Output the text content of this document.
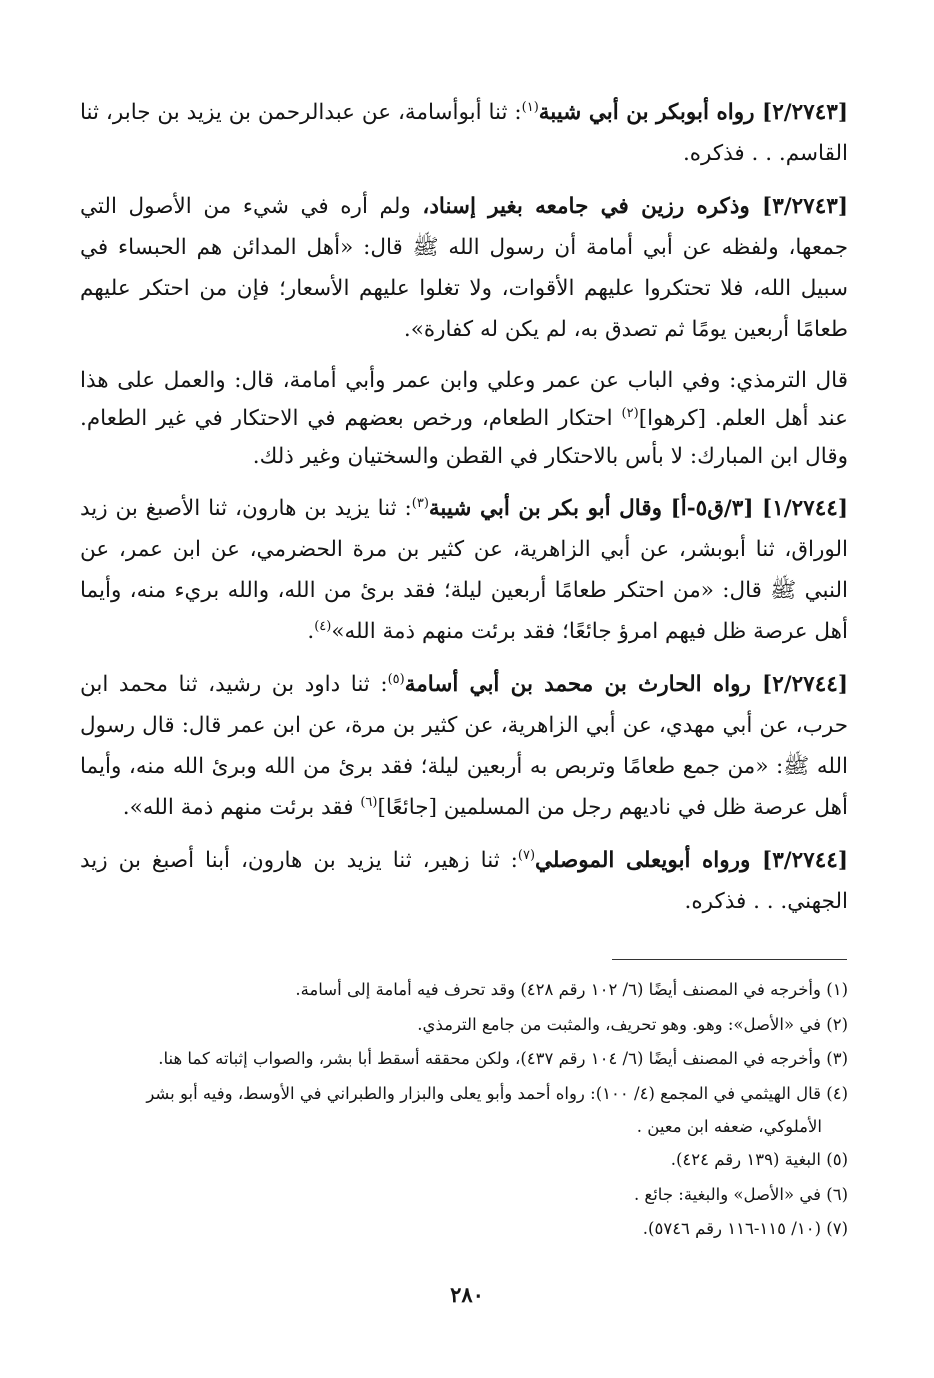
[٢/٢٧٤٣] رواه أبوبكر بن أبي شيبة$^{(١)}$: ثنا أبوأسامة، عن عبدالرحمن بن يزيد بن جابر، ثنا القاسم. . . فذكره.

[٣/٢٧٤٣] وذكره رزين في جامعه بغير إسناد، ولم أره في شيء من الأصول التي جمعها، ولفظه عن أبي أمامة أن رسول الله ﷺ قال: «أهل المدائن هم الحبساء في سبيل الله، فلا تحتكروا عليهم الأقوات، ولا تغلوا عليهم الأسعار؛ فإن من احتكر عليهم طعامًا أربعين يومًا ثم تصدق به، لم يكن له كفارة».

قال الترمذي: وفي الباب عن عمر وعلي وابن عمر وأبي أمامة، قال: والعمل على هذا عند أهل العلم. [كرهوا]$^{(٢)}$ احتكار الطعام، ورخص بعضهم في الاحتكار في غير الطعام. وقال ابن المبارك: لا بأس بالاحتكار في القطن والسختيان وغير ذلك.

[١/٢٧٤٤] [٣/ق٥-أ] وقال أبو بكر بن أبي شيبة$^{(٣)}$: ثنا يزيد بن هارون، ثنا الأصبغ بن زيد الوراق، ثنا أبوبشر، عن أبي الزاهرية، عن كثير بن مرة الحضرمي، عن ابن عمر، عن النبي ﷺ قال: «من احتكر طعامًا أربعين ليلة؛ فقد برئ من الله، والله بريء منه، وأيما أهل عرصة ظل فيهم امرؤ جائعًا؛ فقد برئت منهم ذمة الله»$^{(٤)}$.

[٢/٢٧٤٤] رواه الحارث بن محمد بن أبي أسامة$^{(٥)}$: ثنا داود بن رشيد، ثنا محمد ابن حرب، عن أبي مهدي، عن أبي الزاهرية، عن كثير بن مرة، عن ابن عمر قال: قال رسول الله ﷺ: «من جمع طعامًا وتربص به أربعين ليلة؛ فقد برئ من الله وبرئ الله منه، وأيما أهل عرصة ظل في ناديهم رجل من المسلمين [جائعًا]$^{(٦)}$ فقد برئت منهم ذمة الله».

[٣/٢٧٤٤] ورواه أبويعلى الموصلي$^{(٧)}$: ثنا زهير، ثنا يزيد بن هارون، أبنا أصبغ بن زيد الجهني. . . فذكره.

(١) وأخرجه في المصنف أيضًا (٦/ ١٠٢ رقم ٤٢٨) وقد تحرف فيه أمامة إلى أسامة.

(٢) في «الأصل»: وهو. وهو تحريف، والمثبت من جامع الترمذي.

(٣) وأخرجه في المصنف أيضًا (٦/ ١٠٤ رقم ٤٣٧)، ولكن محققه أسقط أبا بشر، والصواب إثباته كما هنا.

(٤) قال الهيثمي في المجمع (٤/ ١٠٠): رواه أحمد وأبو يعلى والبزار والطبراني في الأوسط، وفيه أبو بشر
الأملوكي، ضعفه ابن معين .

(٥) البغية (١٣٩ رقم ٤٢٤).

(٦) في «الأصل» والبغية: جائع .

(٧) (١٠/ ١١٥-١١٦ رقم ٥٧٤٦).

٢٨٠
